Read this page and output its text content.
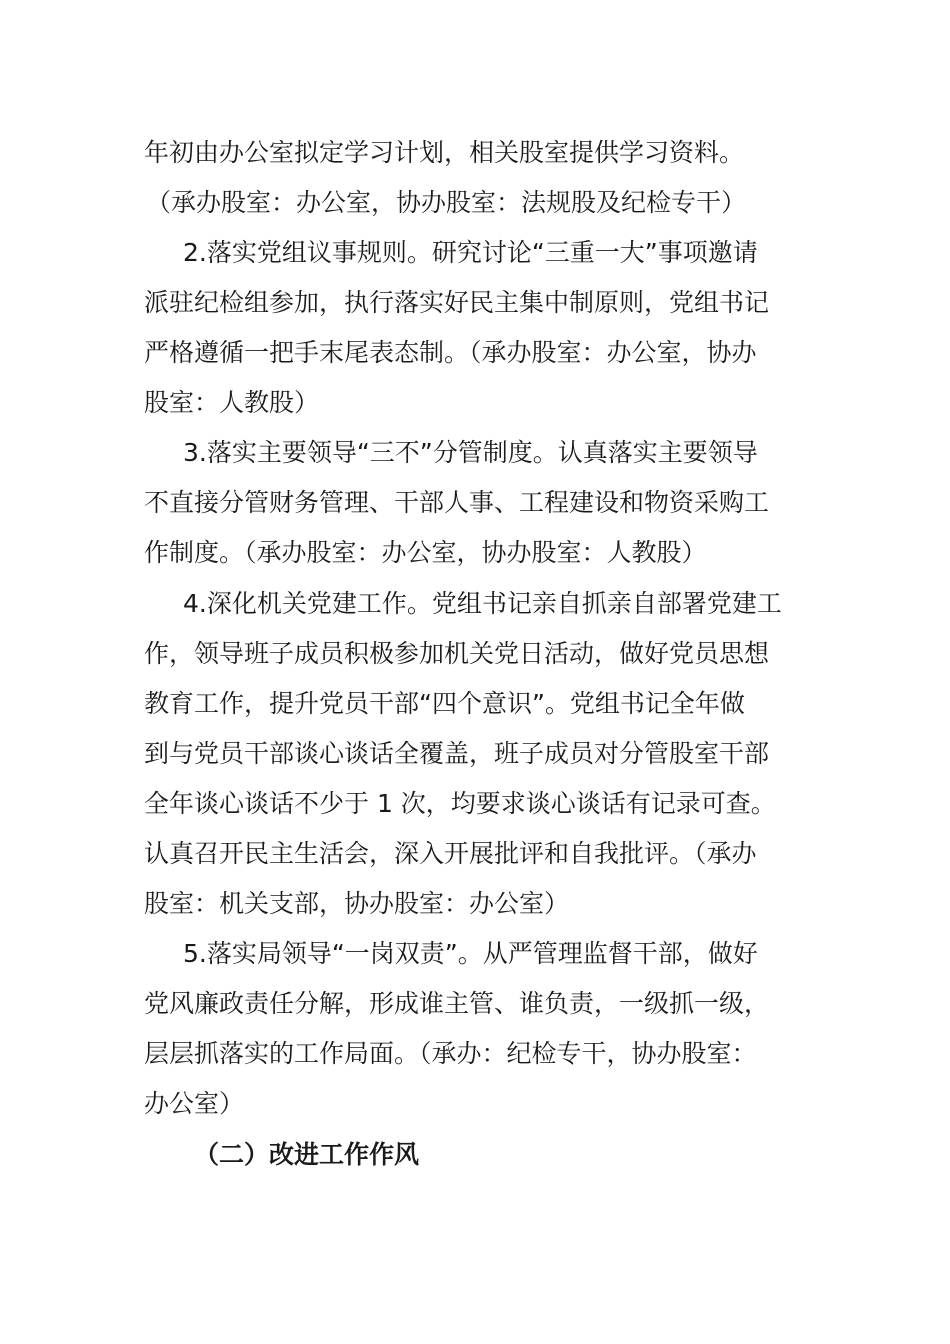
年初由办公室拟定学习计划，相关股室提供学习资料。
（承办股室：办公室，协办股室：法规股及纪检专干）
2.落实党组议事规则。研究讨论“三重一大”事项邀请
派驻纪检组参加，执行落实好民主集中制原则，党组书记
严格遵循一把手末尾表态制。（承办股室：办公室，协办
股室：人教股）
3.落实主要领导“三不”分管制度。认真落实主要领导
不直接分管财务管理、干部人事、工程建设和物资采购工
作制度。（承办股室：办公室，协办股室：人教股）
4.深化机关党建工作。党组书记亲自抓亲自部署党建工
作，领导班子成员积极参加机关党日活动，做好党员思想
教育工作，提升党员干部“四个意识”。党组书记全年做
到与党员干部谈心谈话全覆盖，班子成员对分管股室干部
全年谈心谈话不少于 1 次，均要求谈心谈话有记录可查。
认真召开民主生活会，深入开展批评和自我批评。（承办
股室：机关支部，协办股室：办公室）
5.落实局领导“一岗双责”。从严管理监督干部，做好
党风廉政责任分解，形成谁主管、谁负责，一级抓一级，
层层抓落实的工作局面。（承办：纪检专干，协办股室：
办公室）
（二）改进工作作风
